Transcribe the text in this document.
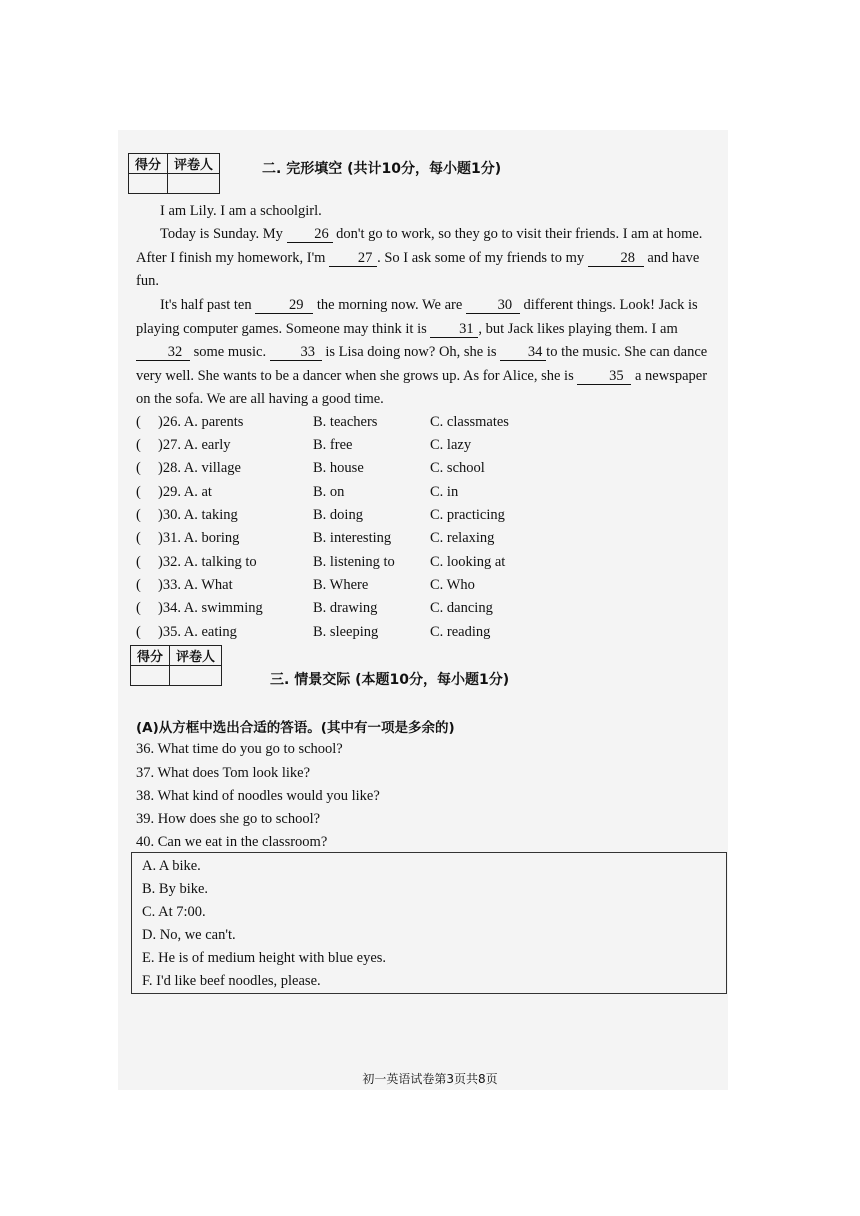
得分	评卷人
		二. 完形填空 (共计10分，每小题1分)

I am Lily. I am a schoolgirl.

Today is Sunday. My 26 don't go to work, so they go to visit their friends. I am at home. After I finish my homework, I'm 27 . So I ask some of my friends to my	28 and have fun.

It's half past ten	29 the morning now. We are 30 different things. Look! Jack is playing computer games. Someone may think it is 31 , but Jack likes playing them. I am 32 some music. 33 is Lisa doing now? Oh, she is 34 to the music. She can dance very well. She wants to be a dancer when she grows up. As for Alice, she is 35 a newspaper on the sofa. We are all having a good time.

( )26. A. parents	B. teachers	C. classmates
( )27. A. early	B. free	C. lazy
( )28. A. village	B. house	C. school
( )29. A. at	B. on	C. in
( )30. A. taking	B. doing	C. practicing
( )31. A. boring	B. interesting	C. relaxing
( )32. A. talking to	B. listening to C. looking at
( )33. A. What	B. Where	C. Who
( )34. A. swimming	B. drawing	C. dancing
( )35. A. eating	B. sleeping	C. reading
得分	评卷人

三. 情景交际 (本题10分，每小题1分)
(A)从方框中选出合适的答语。(其中有一项是多余的)
36. What time do you go to school?
37. What does Tom look like?
38. What kind of noodles would you like?
39. How does she go to school?
40. Can we eat in the classroom?
A. A bike.
B. By bike.
C. At 7:00.
D. No, we can't.
E. He is of medium height with blue eyes.
F. I'd like beef noodles, please.
初一英语试卷第3页共8页
